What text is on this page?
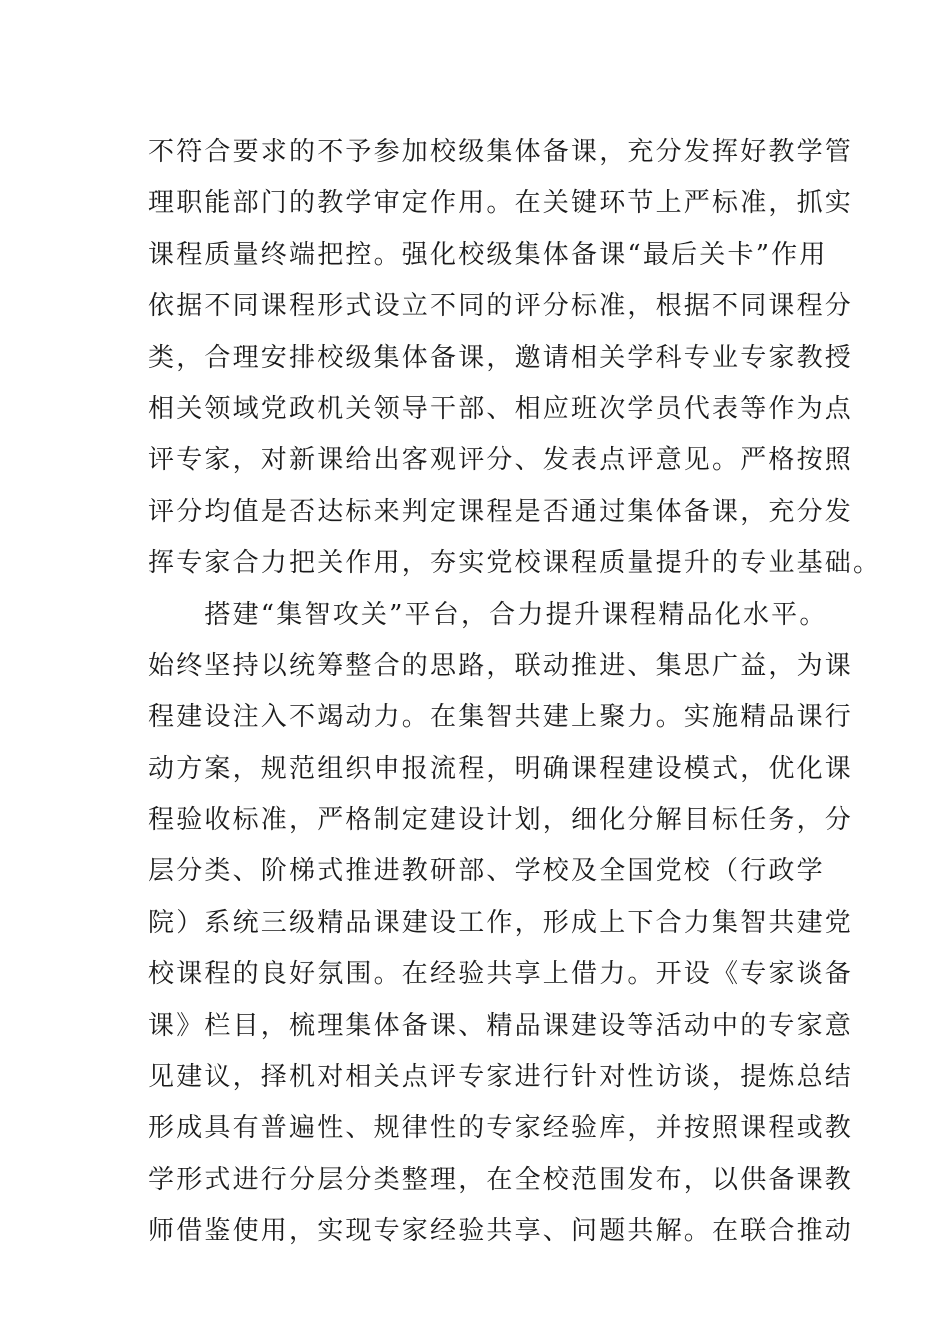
不符合要求的不予参加校级集体备课，充分发挥好教学管
理职能部门的教学审定作用。在关键环节上严标准，抓实
课程质量终端把控。强化校级集体备课“最后关卡”作用
依据不同课程形式设立不同的评分标准，根据不同课程分
类，合理安排校级集体备课，邀请相关学科专业专家教授
相关领域党政机关领导干部、相应班次学员代表等作为点
评专家，对新课给出客观评分、发表点评意见。严格按照
评分均值是否达标来判定课程是否通过集体备课，充分发
挥专家合力把关作用，夯实党校课程质量提升的专业基础。
　　搭建“集智攻关”平台，合力提升课程精品化水平。
始终坚持以统筹整合的思路，联动推进、集思广益，为课
程建设注入不竭动力。在集智共建上聚力。实施精品课行
动方案，规范组织申报流程，明确课程建设模式，优化课
程验收标准，严格制定建设计划，细化分解目标任务，分
层分类、阶梯式推进教研部、学校及全国党校（行政学
院）系统三级精品课建设工作，形成上下合力集智共建党
校课程的良好氛围。在经验共享上借力。开设《专家谈备
课》栏目，梳理集体备课、精品课建设等活动中的专家意
见建议，择机对相关点评专家进行针对性访谈，提炼总结
形成具有普遍性、规律性的专家经验库，并按照课程或教
学形式进行分层分类整理，在全校范围发布，以供备课教
师借鉴使用，实现专家经验共享、问题共解。在联合推动
